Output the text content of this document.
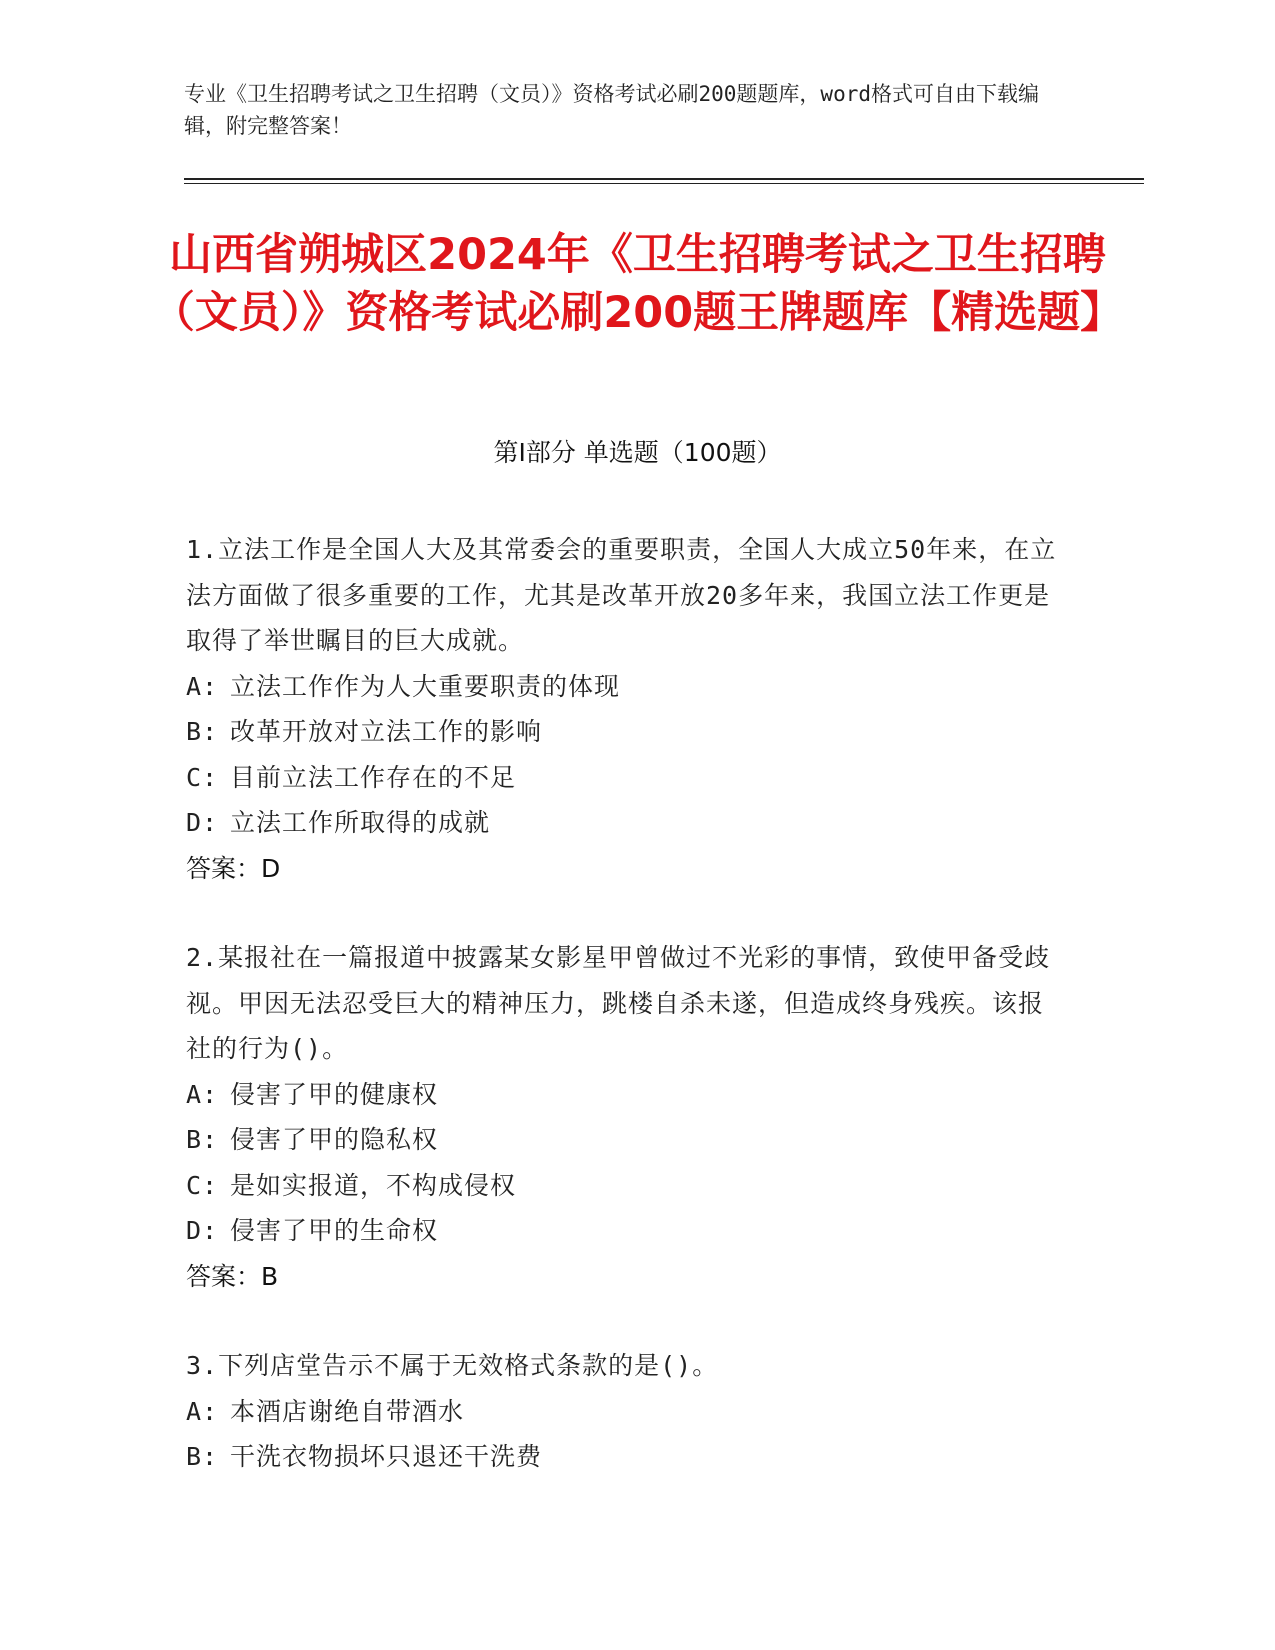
专业《卫生招聘考试之卫生招聘（文员）》资格考试必刷200题题库，word格式可自由下载编辑，附完整答案！
山西省朔城区2024年《卫生招聘考试之卫生招聘（文员）》资格考试必刷200题王牌题库【精选题】
第I部分 单选题（100题）
1.立法工作是全国人大及其常委会的重要职责，全国人大成立50年来，在立法方面做了很多重要的工作，尤其是改革开放20多年来，我国立法工作更是取得了举世瞩目的巨大成就。
A: 立法工作作为人大重要职责的体现
B: 改革开放对立法工作的影响
C: 目前立法工作存在的不足
D: 立法工作所取得的成就
答案：D
2.某报社在一篇报道中披露某女影星甲曾做过不光彩的事情，致使甲备受歧视。甲因无法忍受巨大的精神压力，跳楼自杀未遂，但造成终身残疾。该报社的行为()。
A: 侵害了甲的健康权
B: 侵害了甲的隐私权
C: 是如实报道，不构成侵权
D: 侵害了甲的生命权
答案：B
3.下列店堂告示不属于无效格式条款的是()。
A: 本酒店谢绝自带酒水
B: 干洗衣物损坏只退还干洗费
